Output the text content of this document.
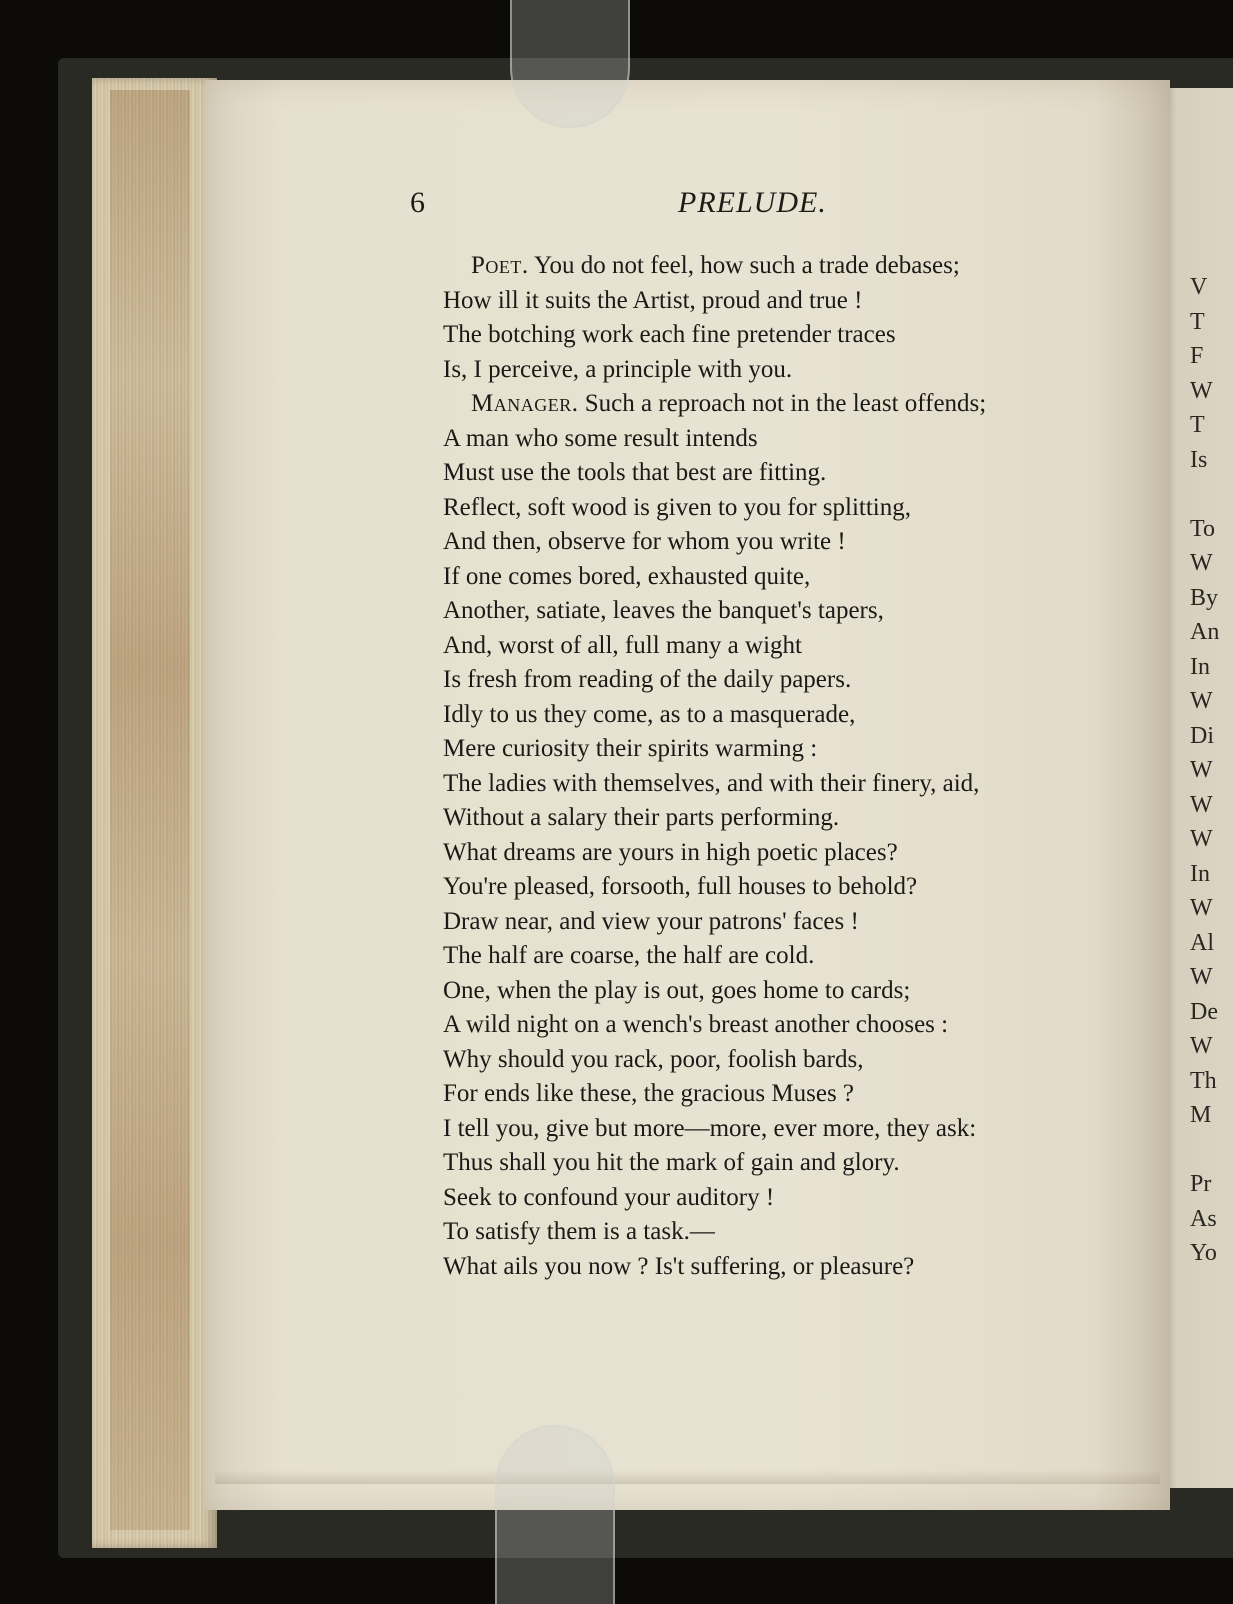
V
T
F
W
T
Is
To
W
By
An
In
W
Di
W
W
W
In
W
Al
W
De
W
Th
M
Pr
As
Yo
6	PRELUDE.
Poet. You do not feel, how such a trade debases;
How ill it suits the Artist, proud and true !
The botching work each fine pretender traces
Is, I perceive, a principle with you.
Manager. Such a reproach not in the least offends;
A man who some result intends
Must use the tools that best are fitting.
Reflect, soft wood is given to you for splitting,
And then, observe for whom you write !
If one comes bored, exhausted quite,
Another, satiate, leaves the banquet's tapers,
And, worst of all, full many a wight
Is fresh from reading of the daily papers.
Idly to us they come, as to a masquerade,
Mere curiosity their spirits warming :
The ladies with themselves, and with their finery, aid,
Without a salary their parts performing.
What dreams are yours in high poetic places?
You're pleased, forsooth, full houses to behold?
Draw near, and view your patrons' faces !
The half are coarse, the half are cold.
One, when the play is out, goes home to cards;
A wild night on a wench's breast another chooses :
Why should you rack, poor, foolish bards,
For ends like these, the gracious Muses ?
I tell you, give but more—more, ever more, they ask:
Thus shall you hit the mark of gain and glory.
Seek to confound your auditory !
To satisfy them is a task.—
What ails you now ? Is't suffering, or pleasure?
